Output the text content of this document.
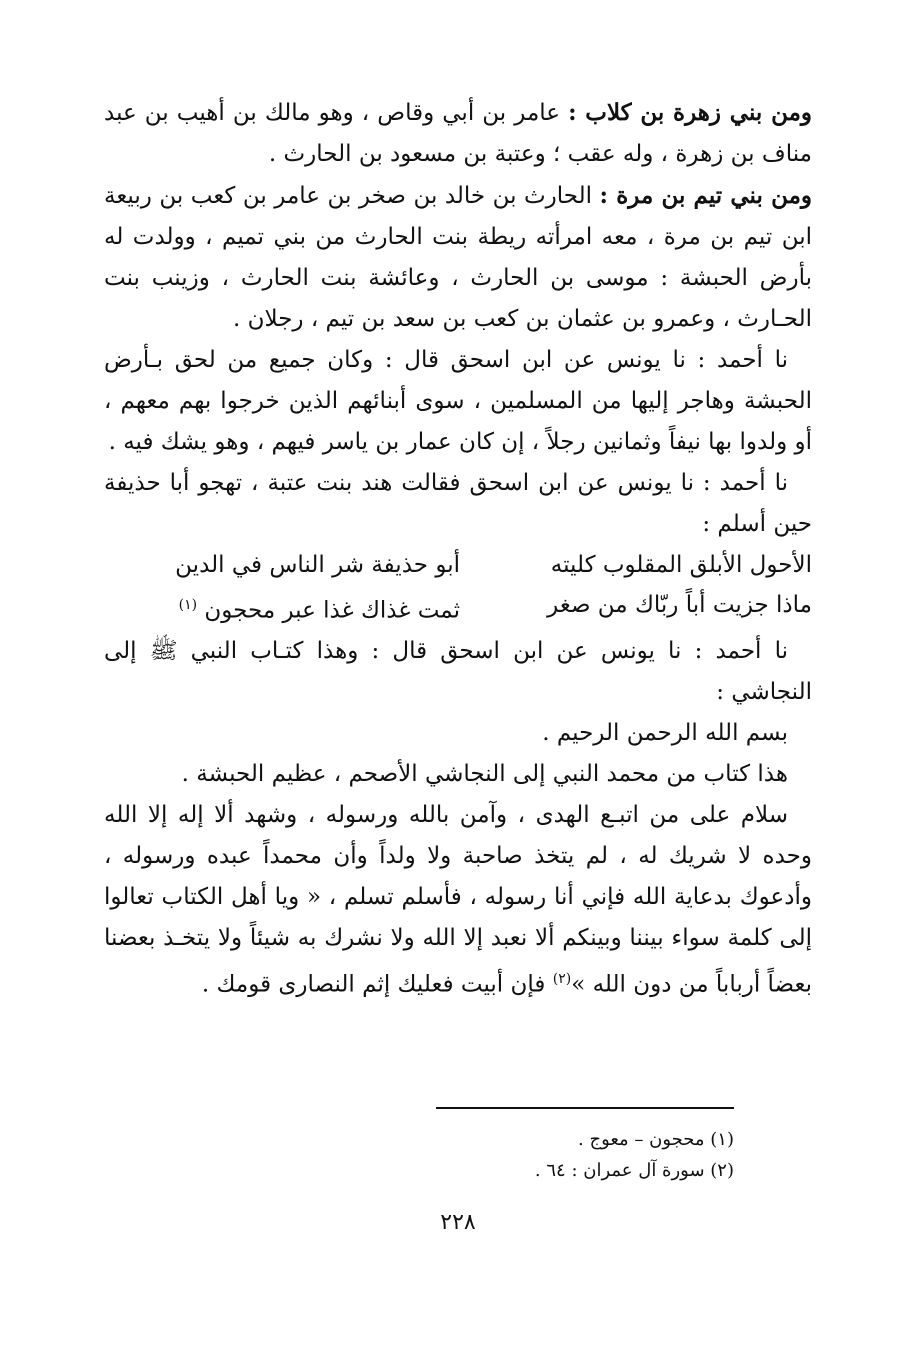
ومن بني زهرة بن كلاب : عامر بن أبي وقاص ، وهو مالك بن أهيب بن عبد مناف بن زهرة ، وله عقب ؛ وعتبة بن مسعود بن الحارث .

ومن بني تيم بن مرة : الحارث بن خالد بن صخر بن عامر بن كعب بن ربيعة ابن تيم بن مرة ، معه امرأته ريطة بنت الحارث من بني تميم ، وولدت له بأرض الحبشة : موسى بن الحارث ، وعائشة بنت الحارث ، وزينب بنت الحـارث ، وعمرو بن عثمان بن كعب بن سعد بن تيم ، رجلان .

نا أحمد : نا يونس عن ابن اسحق قال : وكان جميع من لحق بـأرض الحبشة وهاجر إليها من المسلمين ، سوى أبنائهم الذين خرجوا بهم معهم ، أو ولدوا بها نيفاً وثمانين رجلاً ، إن كان عمار بن ياسر فيهم ، وهو يشك فيه .

نا أحمد : نا يونس عن ابن اسحق فقالت هند بنت عتبة ، تهجو أبا حذيفة حين أسلم :

الأحول الأبلق المقلوب كليته
أبو حذيفة شر الناس في الدين
ماذا جزيت أباً ربّاك من صغر
ثمت غذاك غذا عبر محجون $^{(١)}$

نا أحمد : نا يونس عن ابن اسحق قال : وهذا كتـاب النبي ﷺ إلى النجاشي :

بسم الله الرحمن الرحيم .

هذا كتاب من محمد النبي إلى النجاشي الأصحم ، عظيم الحبشة .

سلام على من اتبـع الهدى ، وآمن بالله ورسوله ، وشهد ألا إله إلا الله وحده لا شريك له ، لم يتخذ صاحبة ولا ولداً وأن محمداً عبده ورسوله ، وأدعوك بدعاية الله فإني أنا رسوله ، فأسلم تسلم ، « ويا أهل الكتاب تعالوا إلى كلمة سواء بيننا وبينكم ألا نعبد إلا الله ولا نشرك به شيئاً ولا يتخـذ بعضنا بعضاً أرباباً من دون الله »$^{(٢)}$ فإن أبيت فعليك إثم النصارى قومك .

(١) محجون – معوج .
(٢) سورة آل عمران : ٦٤ .
٢٢٨
